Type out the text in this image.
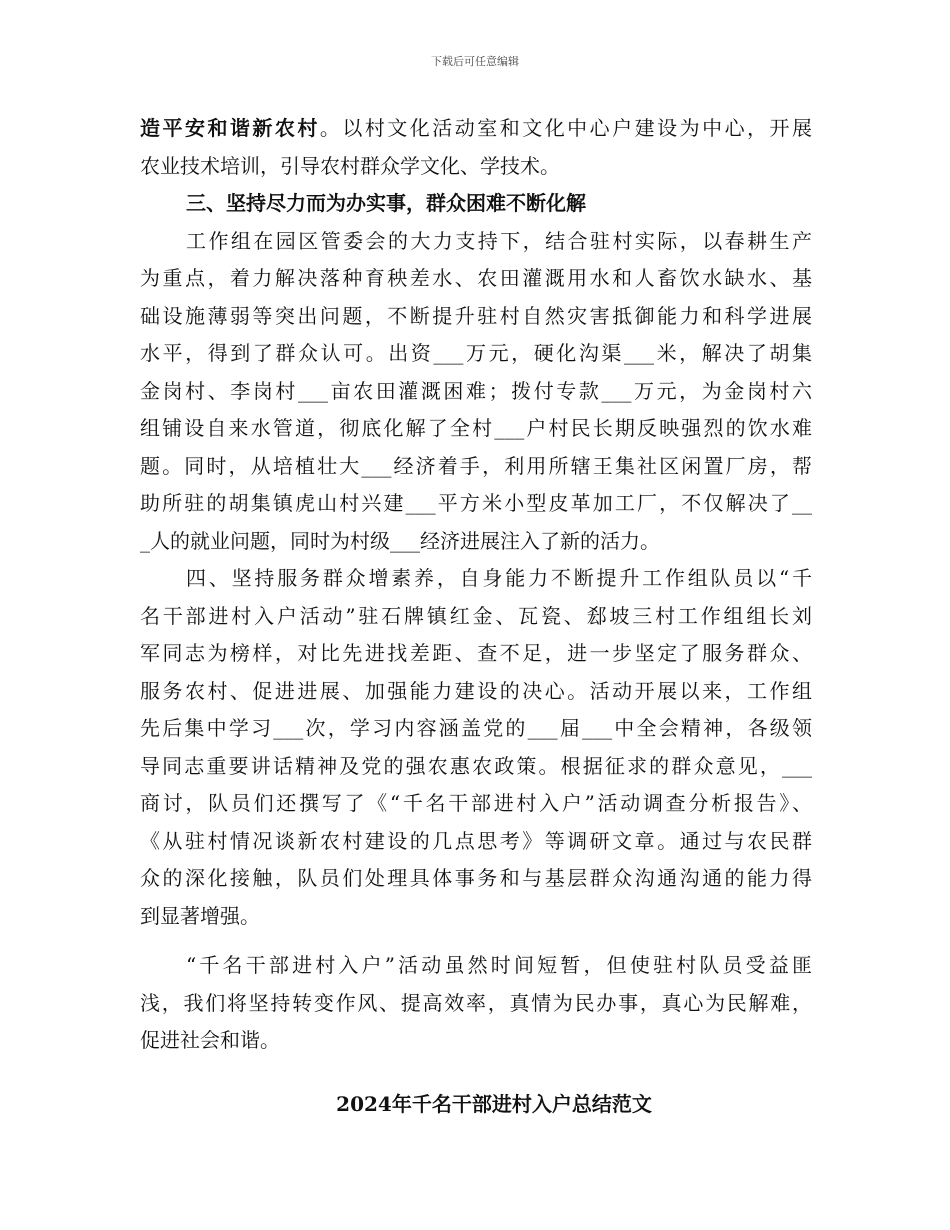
下载后可任意编辑
造平安和谐新农村。以村文化活动室和文化中心户建设为中心，开展
农业技术培训，引导农村群众学文化、学技术。
三、坚持尽力而为办实事，群众困难不断化解
工作组在园区管委会的大力支持下，结合驻村实际，以春耕生产
为重点，着力解决落种育秧差水、农田灌溉用水和人畜饮水缺水、基
础设施薄弱等突出问题，不断提升驻村自然灾害抵御能力和科学进展
水平，得到了群众认可。出资___万元，硬化沟渠___米，解决了胡集
金岗村、李岗村___亩农田灌溉困难；拨付专款___万元，为金岗村六
组铺设自来水管道，彻底化解了全村___户村民长期反映强烈的饮水难
题。同时，从培植壮大___经济着手，利用所辖王集社区闲置厂房，帮
助所驻的胡集镇虎山村兴建___平方米小型皮革加工厂，不仅解决了__
_人的就业问题，同时为村级___经济进展注入了新的活力。
四、坚持服务群众增素养，自身能力不断提升工作组队员以“千
名干部进村入户活动”驻石牌镇红金、瓦瓷、郄坡三村工作组组长刘
军同志为榜样，对比先进找差距、查不足，进一步坚定了服务群众、
服务农村、促进进展、加强能力建设的决心。活动开展以来，工作组
先后集中学习___次，学习内容涵盖党的___届___中全会精神，各级领
导同志重要讲话精神及党的强农惠农政策。根据征求的群众意见，___
商讨，队员们还撰写了《“千名干部进村入户”活动调查分析报告》、
《从驻村情况谈新农村建设的几点思考》等调研文章。通过与农民群
众的深化接触，队员们处理具体事务和与基层群众沟通沟通的能力得
到显著增强。
“千名干部进村入户”活动虽然时间短暂，但使驻村队员受益匪
浅，我们将坚持转变作风、提高效率，真情为民办事，真心为民解难，
促进社会和谐。
2024年千名干部进村入户总结范文
